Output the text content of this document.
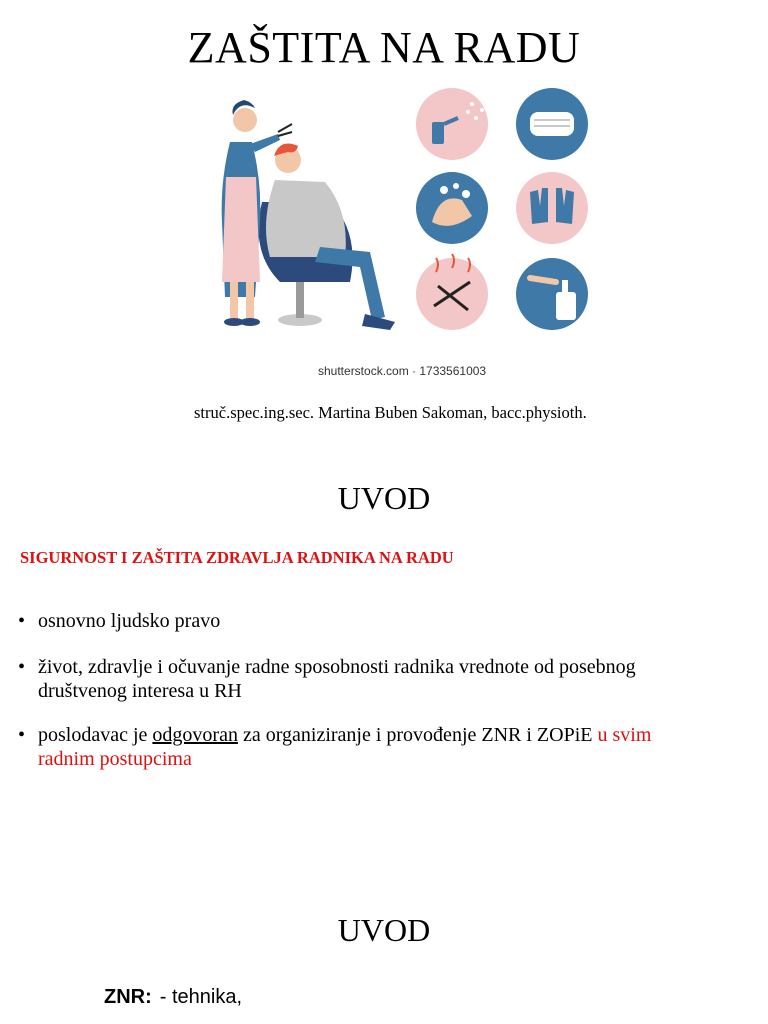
ZAŠTITA NA RADU
shutterstock.com · 1733561003
struč.spec.ing.sec. Martina Buben Sakoman, bacc.physioth.
UVOD
SIGURNOST I ZAŠTITA ZDRAVLJA RADNIKA NA RADU
• osnovno ljudsko pravo
• život, zdravlje i očuvanje radne sposobnosti radnika vrednote od posebnog
društvenog interesa u RH
• poslodavac je odgovoran za organiziranje i provođenje ZNR i ZOPiE u svim
radnim postupcima
UVOD
ZNR: - tehnika,
